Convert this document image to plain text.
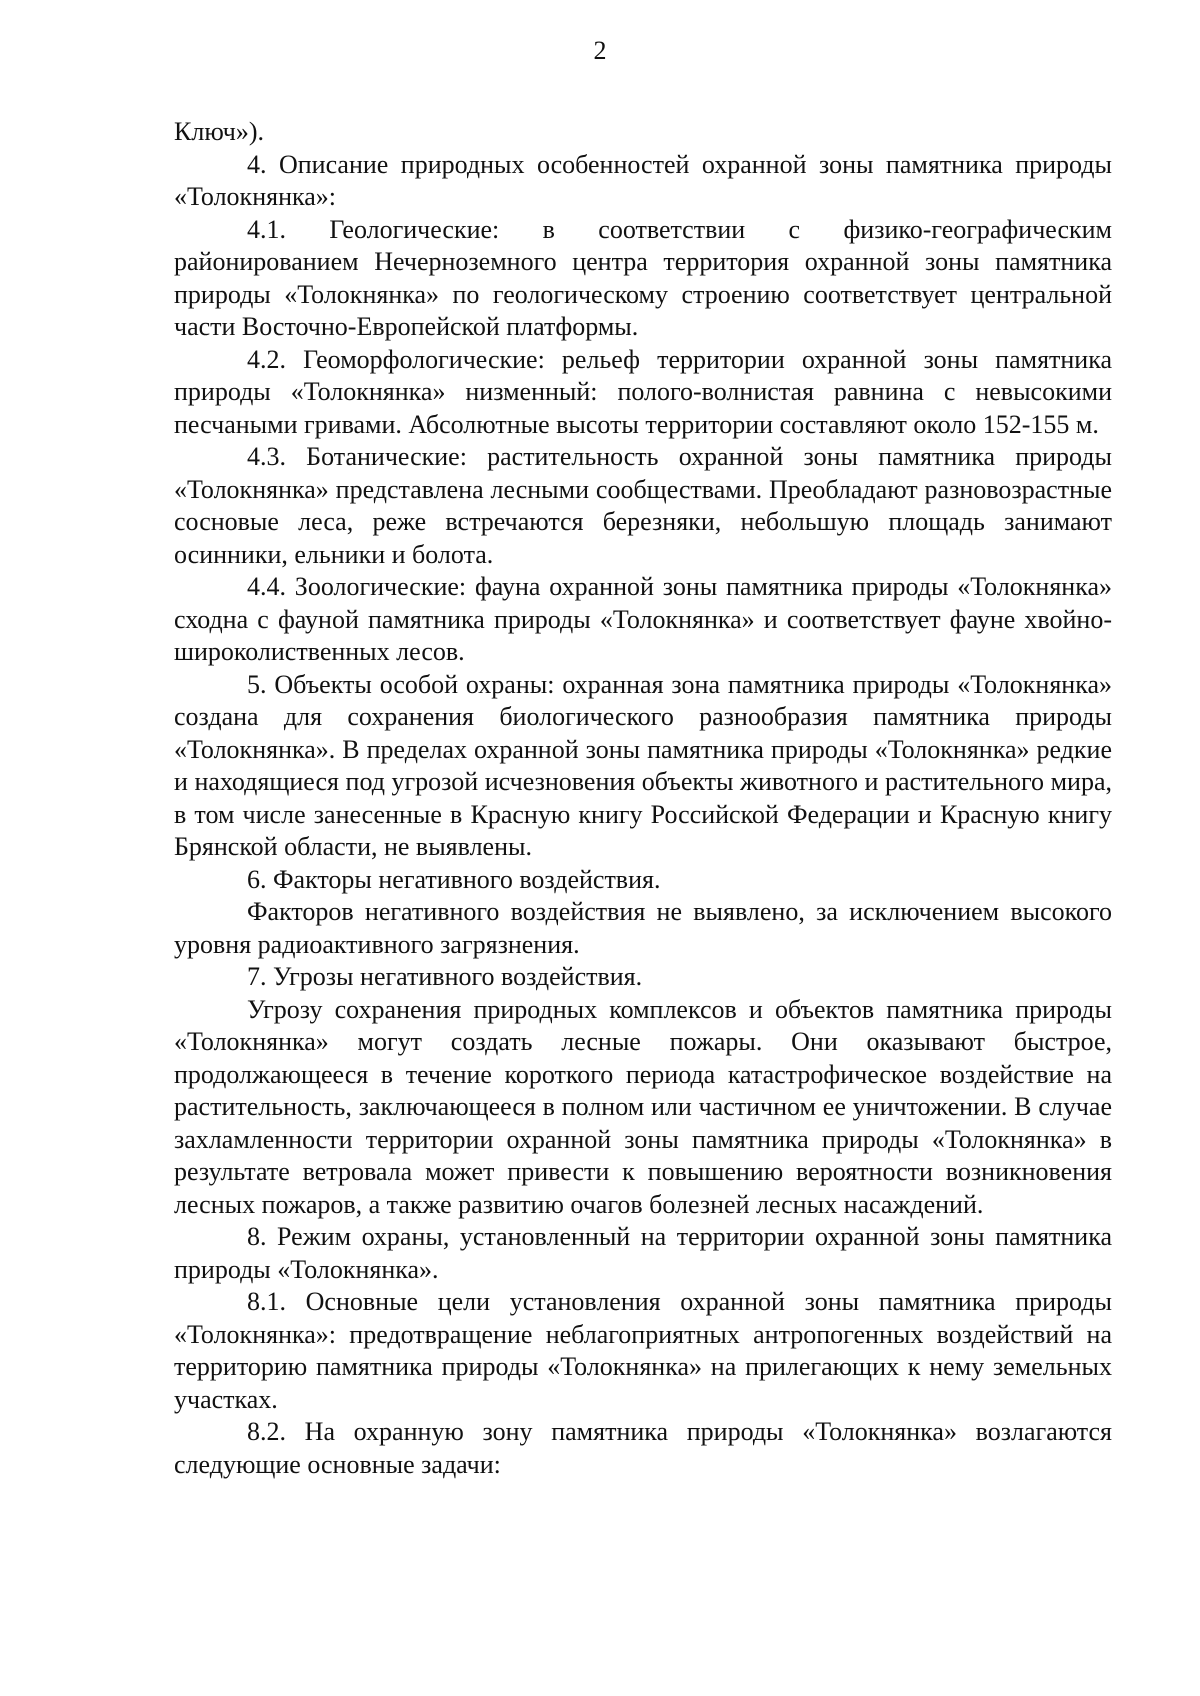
2

Ключ»).

4. Описание природных особенностей охранной зоны памятника природы «Толокнянка»:

4.1. Геологические: в соответствии с физико-географическим районированием Нечерноземного центра территория охранной зоны памятника природы «Толокнянка» по геологическому строению соответствует центральной части Восточно-Европейской платформы.

4.2. Геоморфологические: рельеф территории охранной зоны памятника природы «Толокнянка» низменный: полого-волнистая равнина с невысокими песчаными гривами. Абсолютные высоты территории составляют около 152-155 м.

4.3. Ботанические: растительность охранной зоны памятника природы «Толокнянка» представлена лесными сообществами. Преобладают разновозрастные сосновые леса, реже встречаются березняки, небольшую площадь занимают осинники, ельники и болота.

4.4. Зоологические: фауна охранной зоны памятника природы «Толокнянка» сходна с фауной памятника природы «Толокнянка» и соответствует фауне хвойно-широколиственных лесов.

5. Объекты особой охраны: охранная зона памятника природы «Толокнянка» создана для сохранения биологического разнообразия памятника природы «Толокнянка». В пределах охранной зоны памятника природы «Толокнянка» редкие и находящиеся под угрозой исчезновения объекты животного и растительного мира, в том числе занесенные в Красную книгу Российской Федерации и Красную книгу Брянской области, не выявлены.

6. Факторы негативного воздействия.

Факторов негативного воздействия не выявлено, за исключением высокого уровня радиоактивного загрязнения.

7. Угрозы негативного воздействия.

Угрозу сохранения природных комплексов и объектов памятника природы «Толокнянка» могут создать лесные пожары. Они оказывают быстрое, продолжающееся в течение короткого периода катастрофическое воздействие на растительность, заключающееся в полном или частичном ее уничтожении. В случае захламленности территории охранной зоны памятника природы «Толокнянка» в результате ветровала может привести к повышению вероятности возникновения лесных пожаров, а также развитию очагов болезней лесных насаждений.

8. Режим охраны, установленный на территории охранной зоны памятника природы «Толокнянка».

8.1. Основные цели установления охранной зоны памятника природы «Толокнянка»: предотвращение неблагоприятных антропогенных воздействий на территорию памятника природы «Толокнянка» на прилегающих к нему земельных участках.

8.2. На охранную зону памятника природы «Толокнянка» возлагаются следующие основные задачи:
